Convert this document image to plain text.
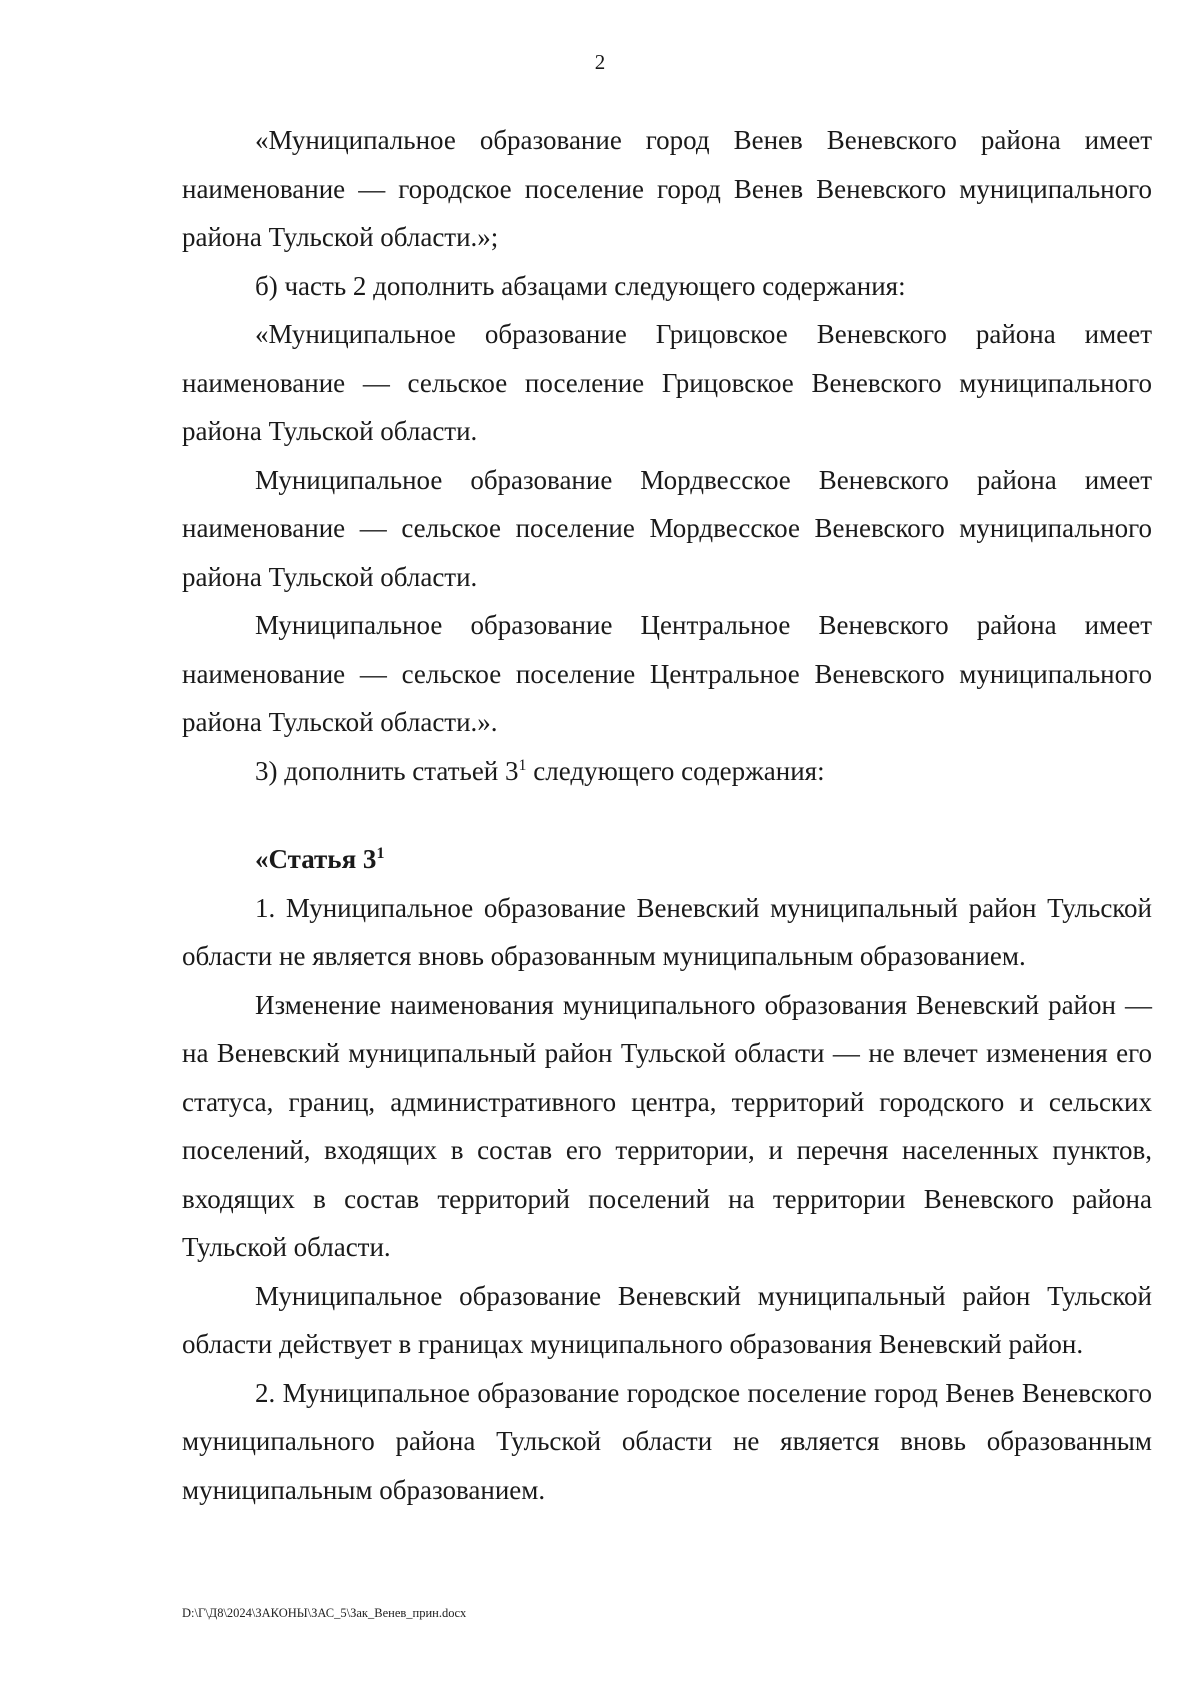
2

«Муниципальное образование город Венев Веневского района имеет наименование — городское поселение город Венев Веневского муниципального района Тульской области.»;

б) часть 2 дополнить абзацами следующего содержания:

«Муниципальное образование Грицовское Веневского района имеет наименование — сельское поселение Грицовское Веневского муниципального района Тульской области.

Муниципальное образование Мордвесское Веневского района имеет наименование — сельское поселение Мордвесское Веневского муниципального района Тульской области.

Муниципальное образование Центральное Веневского района имеет наименование — сельское поселение Центральное Веневского муниципального района Тульской области.».

3) дополнить статьей $3^1$ следующего содержания:

«Статья $3^1$

1. Муниципальное образование Веневский муниципальный район Тульской области не является вновь образованным муниципальным образованием.

Изменение наименования муниципального образования Веневский район — на Веневский муниципальный район Тульской области — не влечет изменения его статуса, границ, административного центра, территорий городского и сельских поселений, входящих в состав его территории, и перечня населенных пунктов, входящих в состав территорий поселений на территории Веневского района Тульской области.

Муниципальное образование Веневский муниципальный район Тульской области действует в границах муниципального образования Веневский район.

2. Муниципальное образование городское поселение город Венев Веневского муниципального района Тульской области не является вновь образованным муниципальным образованием.

D:\Г\Д8\2024\ЗАКОНЫ\ЗАС_5\Зак_Венев_прин.docx
